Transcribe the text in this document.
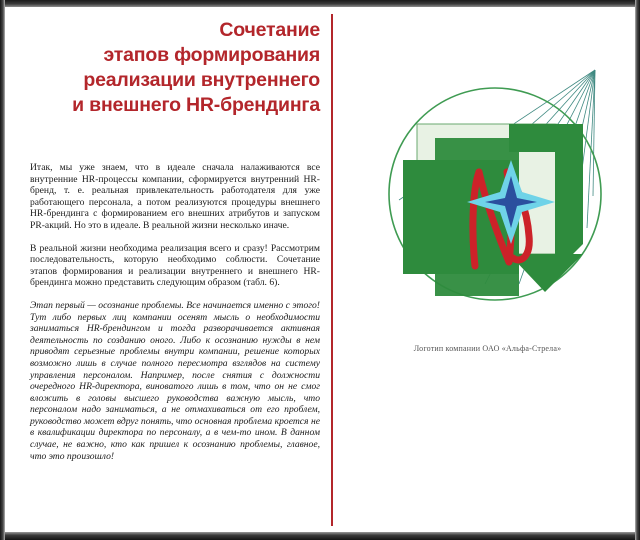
Сочетание
этапов формирования
реализации внутреннего
и внешнего HR-брендинга

Итак, мы уже знаем, что в идеале сначала налаживаются все внутренние HR-процессы компании, сформируется внутренний HR-бренд, т. е. реальная привлекательность работодателя для уже работающего персонала, а потом реализуются процедуры внешнего HR-брендинга с формированием его внешних атрибутов и запуском PR-акций. Но это в идеале. В реальной жизни несколько иначе.

В реальной жизни необходима реализация всего и сразу! Рассмотрим последовательность, которую необходимо соблюсти. Сочетание этапов формирования и реализации внутреннего и внешнего HR-брендинга можно представить следующим образом (табл. 6).

Этап первый — осознание проблемы. Все начинается именно с этого! Тут либо первых лиц компании осенят мысль о необходимости заниматься HR-брендингом и тогда разворачивается активная деятельность по созданию оного. Либо к осознанию нужды в нем приводят серьезные проблемы внутри компании, решение которых возможно лишь в случае полного пересмотра взглядов на систему управления персоналом. Например, после снятия с должности очередного HR-директора, виноватого лишь в том, что он не смог вложить в головы высшего руководства важную мысль, что персоналом надо заниматься, а не отмахиваться от его проблем, руководство может вдруг понять, что основная проблема кроется не в квалификации директора по персоналу, а в чем-то ином. В данном случае, не важно, кто как пришел к осознанию проблемы, главное, что это произошло!

Логотип компании ОАО «Альфа-Стрела»
